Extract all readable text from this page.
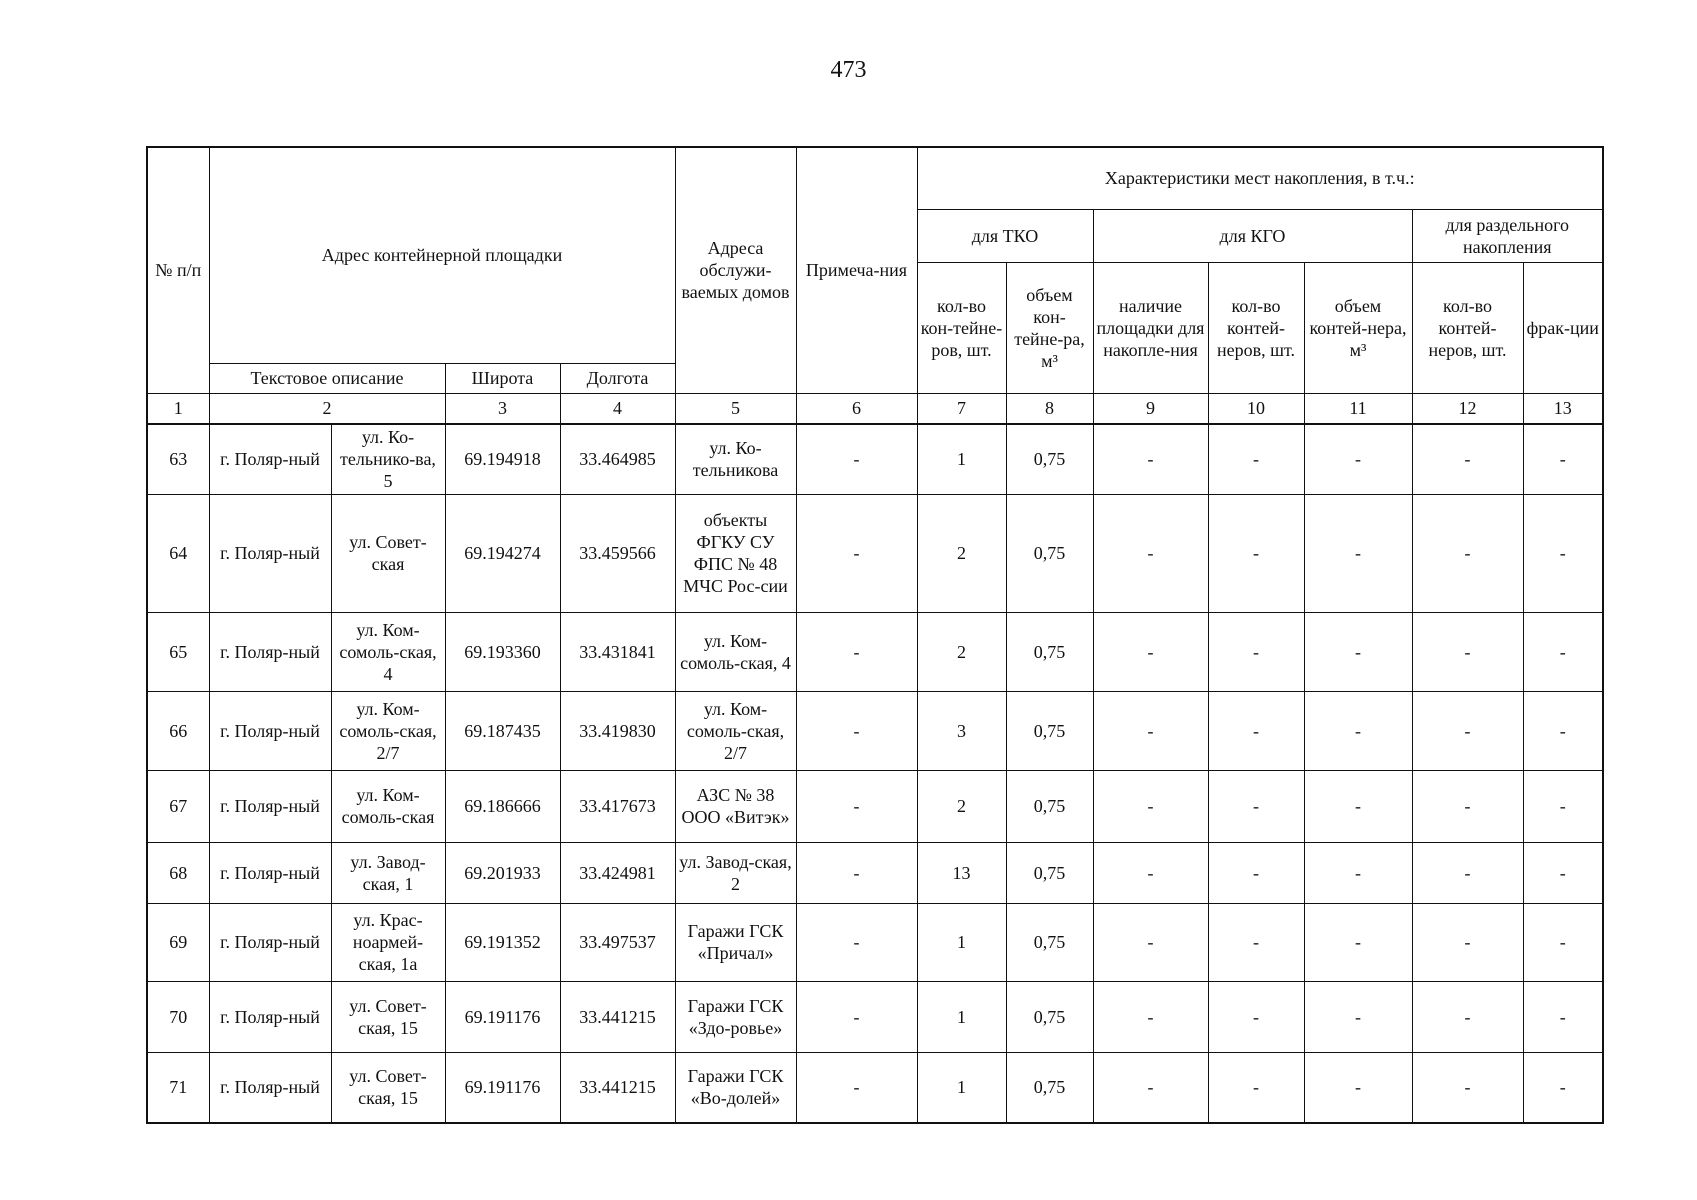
473
№ п/п	Адрес контейнерной площадки				Адреса обслужи-ваемых домов	Примеча-ния	Характеристики мест накопления, в т.ч.:						
							для ТКО		для КГО			для раздельного накопления	
							кол-во кон-тейне-ров, шт.	объем кон-тейне-ра, м³	наличие площадки для накопле-ния	кол-во контей-неров, шт.	объем контей-нера, м³	кол-во контей-неров, шт.	фрак-ции
	Текстовое описание		Широта	Долгота									
1	2		3	4	5	6	7	8	9	10	11	12	13
63	г. Поляр-ный	ул. Ко-тельнико-ва, 5	69.194918	33.464985	ул. Ко-тельникова	-	1	0,75	-	-	-	-	-
64	г. Поляр-ный	ул. Совет-ская	69.194274	33.459566	объекты ФГКУ СУ ФПС № 48 МЧС Рос-сии	-	2	0,75	-	-	-	-	-
65	г. Поляр-ный	ул. Ком-сомоль-ская, 4	69.193360	33.431841	ул. Ком-сомоль-ская, 4	-	2	0,75	-	-	-	-	-
66	г. Поляр-ный	ул. Ком-сомоль-ская, 2/7	69.187435	33.419830	ул. Ком-сомоль-ская, 2/7	-	3	0,75	-	-	-	-	-
67	г. Поляр-ный	ул. Ком-сомоль-ская	69.186666	33.417673	АЗС № 38 ООО «Витэк»	-	2	0,75	-	-	-	-	-
68	г. Поляр-ный	ул. Завод-ская, 1	69.201933	33.424981	ул. Завод-ская, 2	-	13	0,75	-	-	-	-	-
69	г. Поляр-ный	ул. Крас-ноармей-ская, 1а	69.191352	33.497537	Гаражи ГСК «Причал»	-	1	0,75	-	-	-	-	-
70	г. Поляр-ный	ул. Совет-ская, 15	69.191176	33.441215	Гаражи ГСК «Здо-ровье»	-	1	0,75	-	-	-	-	-
71	г. Поляр-ный	ул. Совет-ская, 15	69.191176	33.441215	Гаражи ГСК «Во-долей»	-	1	0,75	-	-	-	-	-
